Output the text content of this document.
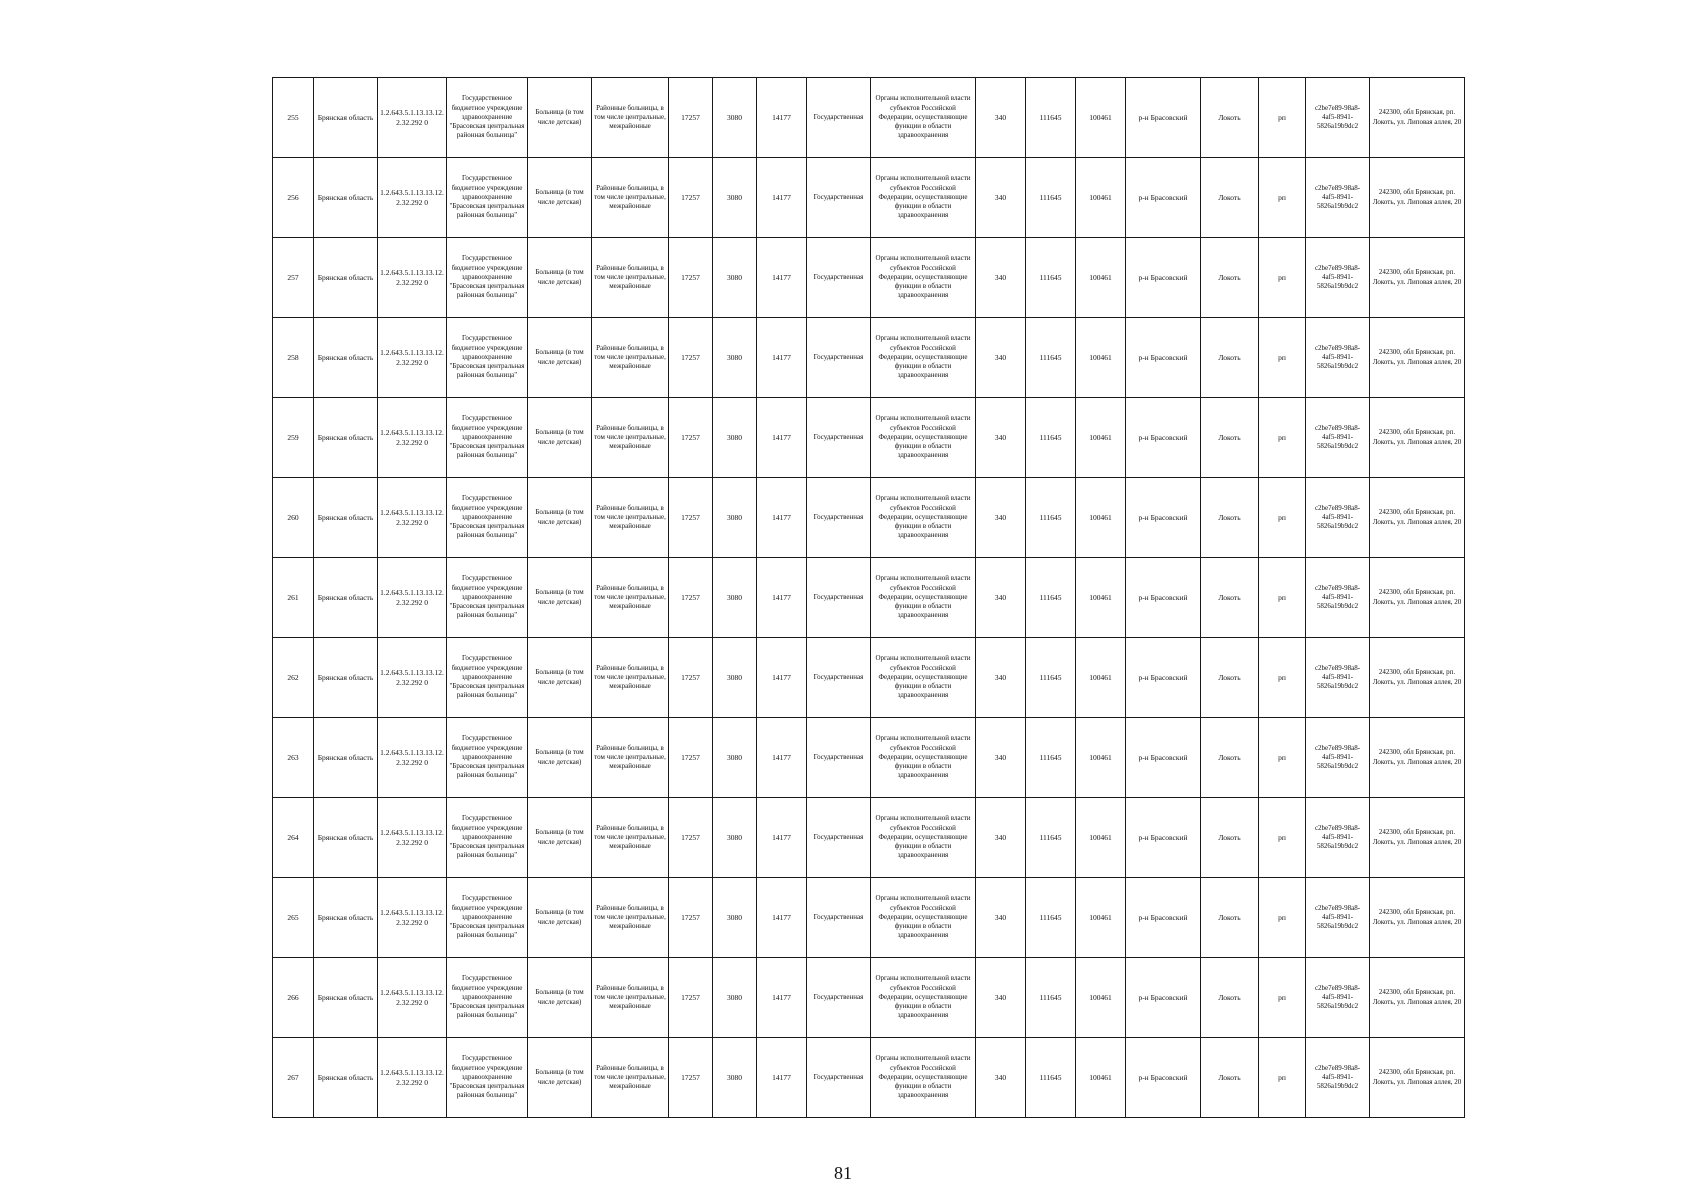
255	Брянская область	1.2.643.5.1.13.13.12.2.32.292 0	Государственное бюджетное учреждение здравоохранение "Брасовская центральная районная больница"	Больница (в том числе детская)	Районные больницы, в том числе центральные, межрайонные	17257	3080	14177	Государственная	Органы исполнительной власти субъектов Российской Федерации, осуществляющие функции в области здравоохранения	340	111645	100461	р-н Брасовский	Локоть	рп	c2be7e89-98a8-4af5-8941-5826a19b9dc2	242300, обл Брянская, рп. Локоть, ул. Липовая аллея, 20
256	Брянская область	1.2.643.5.1.13.13.12.2.32.292 0	Государственное бюджетное учреждение здравоохранение "Брасовская центральная районная больница"	Больница (в том числе детская)	Районные больницы, в том числе центральные, межрайонные	17257	3080	14177	Государственная	Органы исполнительной власти субъектов Российской Федерации, осуществляющие функции в области здравоохранения	340	111645	100461	р-н Брасовский	Локоть	рп	c2be7e89-98a8-4af5-8941-5826a19b9dc2	242300, обл Брянская, рп. Локоть, ул. Липовая аллея, 20
257	Брянская область	1.2.643.5.1.13.13.12.2.32.292 0	Государственное бюджетное учреждение здравоохранение "Брасовская центральная районная больница"	Больница (в том числе детская)	Районные больницы, в том числе центральные, межрайонные	17257	3080	14177	Государственная	Органы исполнительной власти субъектов Российской Федерации, осуществляющие функции в области здравоохранения	340	111645	100461	р-н Брасовский	Локоть	рп	c2be7e89-98a8-4af5-8941-5826a19b9dc2	242300, обл Брянская, рп. Локоть, ул. Липовая аллея, 20
258	Брянская область	1.2.643.5.1.13.13.12.2.32.292 0	Государственное бюджетное учреждение здравоохранение "Брасовская центральная районная больница"	Больница (в том числе детская)	Районные больницы, в том числе центральные, межрайонные	17257	3080	14177	Государственная	Органы исполнительной власти субъектов Российской Федерации, осуществляющие функции в области здравоохранения	340	111645	100461	р-н Брасовский	Локоть	рп	c2be7e89-98a8-4af5-8941-5826a19b9dc2	242300, обл Брянская, рп. Локоть, ул. Липовая аллея, 20
259	Брянская область	1.2.643.5.1.13.13.12.2.32.292 0	Государственное бюджетное учреждение здравоохранение "Брасовская центральная районная больница"	Больница (в том числе детская)	Районные больницы, в том числе центральные, межрайонные	17257	3080	14177	Государственная	Органы исполнительной власти субъектов Российской Федерации, осуществляющие функции в области здравоохранения	340	111645	100461	р-н Брасовский	Локоть	рп	c2be7e89-98a8-4af5-8941-5826a19b9dc2	242300, обл Брянская, рп. Локоть, ул. Липовая аллея, 20
260	Брянская область	1.2.643.5.1.13.13.12.2.32.292 0	Государственное бюджетное учреждение здравоохранение "Брасовская центральная районная больница"	Больница (в том числе детская)	Районные больницы, в том числе центральные, межрайонные	17257	3080	14177	Государственная	Органы исполнительной власти субъектов Российской Федерации, осуществляющие функции в области здравоохранения	340	111645	100461	р-н Брасовский	Локоть	рп	c2be7e89-98a8-4af5-8941-5826a19b9dc2	242300, обл Брянская, рп. Локоть, ул. Липовая аллея, 20
261	Брянская область	1.2.643.5.1.13.13.12.2.32.292 0	Государственное бюджетное учреждение здравоохранение "Брасовская центральная районная больница"	Больница (в том числе детская)	Районные больницы, в том числе центральные, межрайонные	17257	3080	14177	Государственная	Органы исполнительной власти субъектов Российской Федерации, осуществляющие функции в области здравоохранения	340	111645	100461	р-н Брасовский	Локоть	рп	c2be7e89-98a8-4af5-8941-5826a19b9dc2	242300, обл Брянская, рп. Локоть, ул. Липовая аллея, 20
262	Брянская область	1.2.643.5.1.13.13.12.2.32.292 0	Государственное бюджетное учреждение здравоохранение "Брасовская центральная районная больница"	Больница (в том числе детская)	Районные больницы, в том числе центральные, межрайонные	17257	3080	14177	Государственная	Органы исполнительной власти субъектов Российской Федерации, осуществляющие функции в области здравоохранения	340	111645	100461	р-н Брасовский	Локоть	рп	c2be7e89-98a8-4af5-8941-5826a19b9dc2	242300, обл Брянская, рп. Локоть, ул. Липовая аллея, 20
263	Брянская область	1.2.643.5.1.13.13.12.2.32.292 0	Государственное бюджетное учреждение здравоохранение "Брасовская центральная районная больница"	Больница (в том числе детская)	Районные больницы, в том числе центральные, межрайонные	17257	3080	14177	Государственная	Органы исполнительной власти субъектов Российской Федерации, осуществляющие функции в области здравоохранения	340	111645	100461	р-н Брасовский	Локоть	рп	c2be7e89-98a8-4af5-8941-5826a19b9dc2	242300, обл Брянская, рп. Локоть, ул. Липовая аллея, 20
264	Брянская область	1.2.643.5.1.13.13.12.2.32.292 0	Государственное бюджетное учреждение здравоохранение "Брасовская центральная районная больница"	Больница (в том числе детская)	Районные больницы, в том числе центральные, межрайонные	17257	3080	14177	Государственная	Органы исполнительной власти субъектов Российской Федерации, осуществляющие функции в области здравоохранения	340	111645	100461	р-н Брасовский	Локоть	рп	c2be7e89-98a8-4af5-8941-5826a19b9dc2	242300, обл Брянская, рп. Локоть, ул. Липовая аллея, 20
265	Брянская область	1.2.643.5.1.13.13.12.2.32.292 0	Государственное бюджетное учреждение здравоохранение "Брасовская центральная районная больница"	Больница (в том числе детская)	Районные больницы, в том числе центральные, межрайонные	17257	3080	14177	Государственная	Органы исполнительной власти субъектов Российской Федерации, осуществляющие функции в области здравоохранения	340	111645	100461	р-н Брасовский	Локоть	рп	c2be7e89-98a8-4af5-8941-5826a19b9dc2	242300, обл Брянская, рп. Локоть, ул. Липовая аллея, 20
266	Брянская область	1.2.643.5.1.13.13.12.2.32.292 0	Государственное бюджетное учреждение здравоохранение "Брасовская центральная районная больница"	Больница (в том числе детская)	Районные больницы, в том числе центральные, межрайонные	17257	3080	14177	Государственная	Органы исполнительной власти субъектов Российской Федерации, осуществляющие функции в области здравоохранения	340	111645	100461	р-н Брасовский	Локоть	рп	c2be7e89-98a8-4af5-8941-5826a19b9dc2	242300, обл Брянская, рп. Локоть, ул. Липовая аллея, 20
267	Брянская область	1.2.643.5.1.13.13.12.2.32.292 0	Государственное бюджетное учреждение здравоохранение "Брасовская центральная районная больница"	Больница (в том числе детская)	Районные больницы, в том числе центральные, межрайонные	17257	3080	14177	Государственная	Органы исполнительной власти субъектов Российской Федерации, осуществляющие функции в области здравоохранения	340	111645	100461	р-н Брасовский	Локоть	рп	c2be7e89-98a8-4af5-8941-5826a19b9dc2	242300, обл Брянская, рп. Локоть, ул. Липовая аллея, 20
81
